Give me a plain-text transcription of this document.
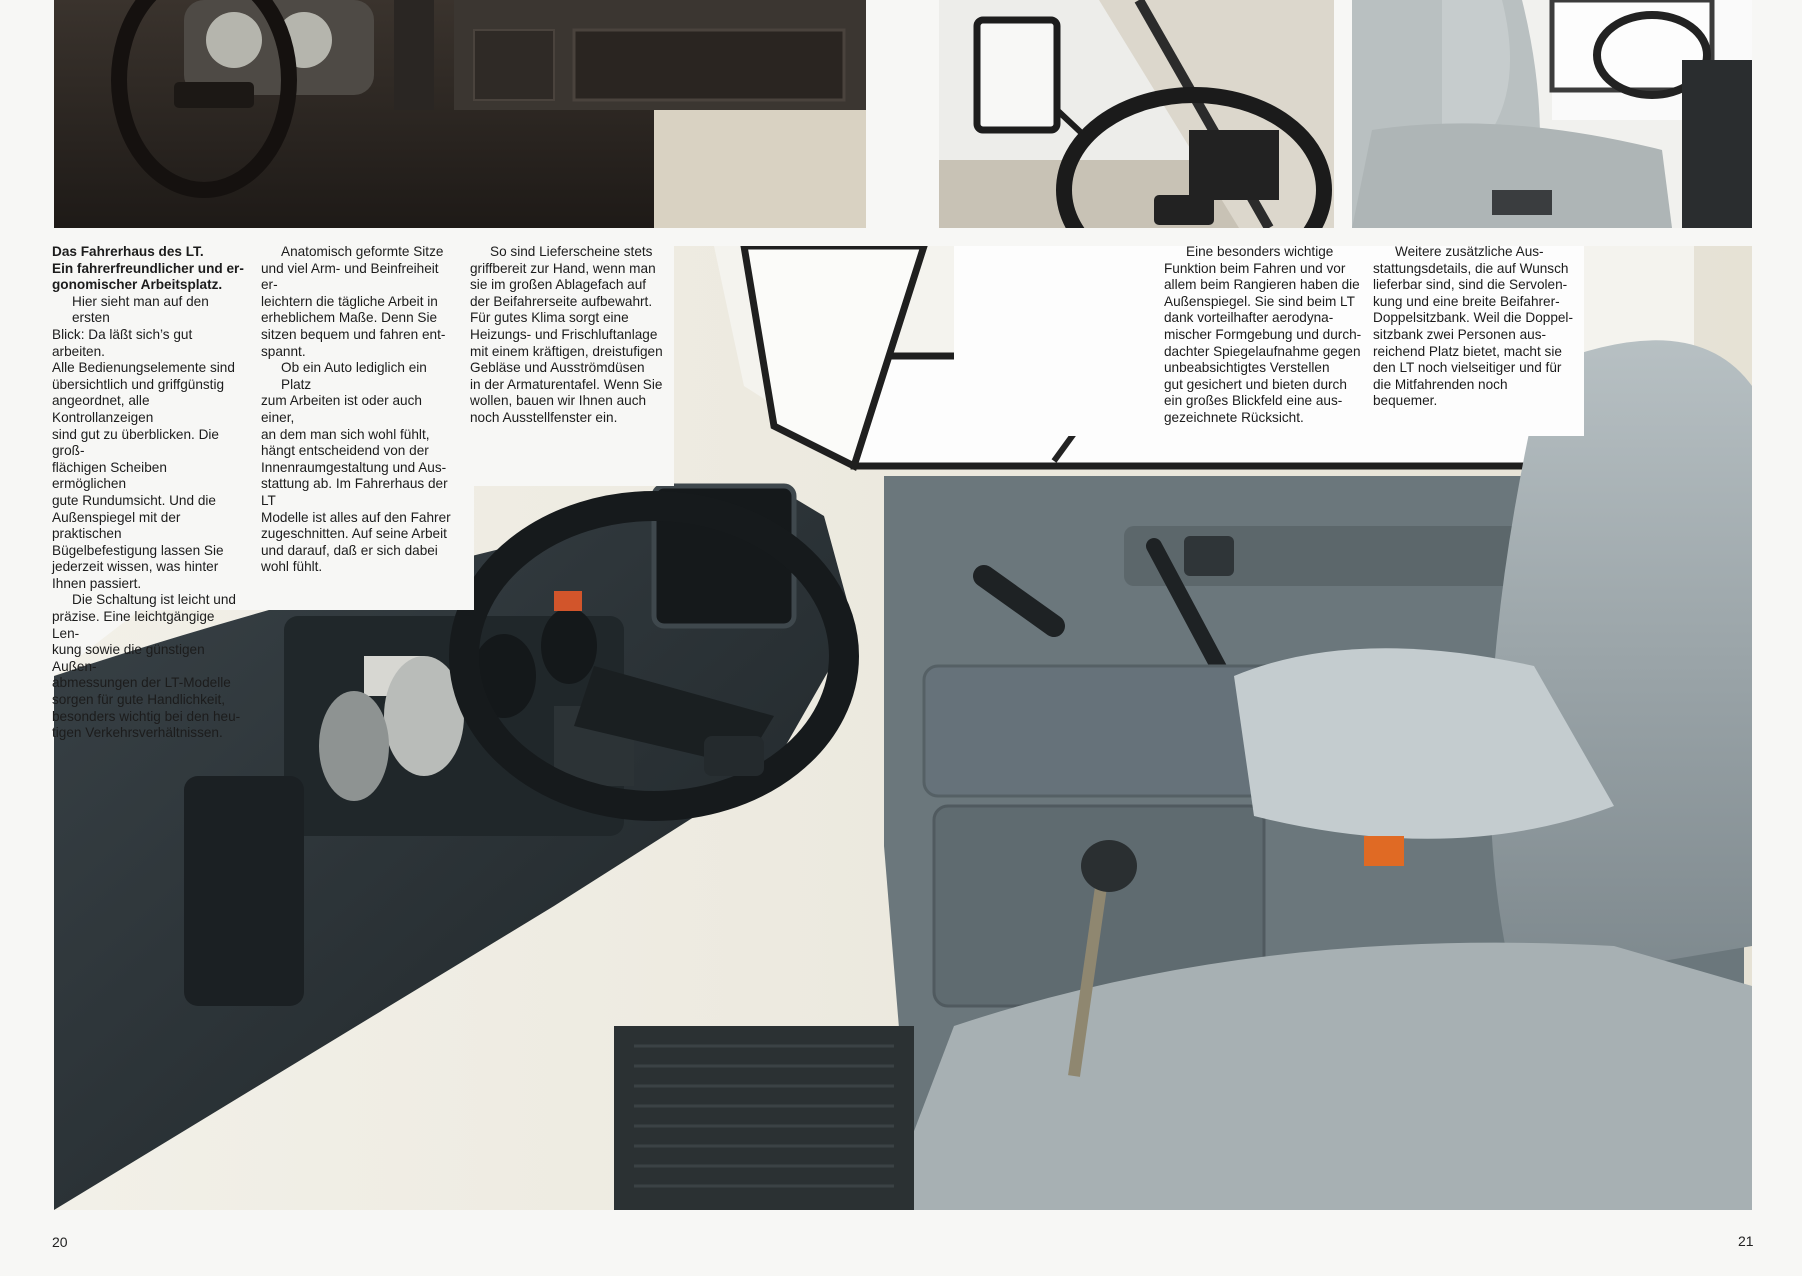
Das Fahrerhaus des LT.
Ein fahrerfreundlicher und er-
gonomischer Arbeitsplatz.
Hier sieht man auf den ersten
Blick: Da läßt sich’s gut arbeiten.
Alle Bedienungselemente sind
übersichtlich und griffgünstig
angeordnet, alle Kontrollanzeigen
sind gut zu überblicken. Die groß-
flächigen Scheiben ermöglichen
gute Rundumsicht. Und die
Außenspiegel mit der praktischen
Bügelbefestigung lassen Sie
jederzeit wissen, was hinter
Ihnen passiert.
Die Schaltung ist leicht und
präzise. Eine leichtgängige Len-
kung sowie die günstigen Außen-
abmessungen der LT-Modelle
sorgen für gute Handlichkeit,
besonders wichtig bei den heu-
tigen Verkehrsverhältnissen.
Anatomisch geformte Sitze
und viel Arm- und Beinfreiheit er-
leichtern die tägliche Arbeit in
erheblichem Maße. Denn Sie
sitzen bequem und fahren ent-
spannt.
Ob ein Auto lediglich ein Platz
zum Arbeiten ist oder auch einer,
an dem man sich wohl fühlt,
hängt entscheidend von der
Innenraumgestaltung und Aus-
stattung ab. Im Fahrerhaus der LT
Modelle ist alles auf den Fahrer
zugeschnitten. Auf seine Arbeit
und darauf, daß er sich dabei
wohl fühlt.
So sind Lieferscheine stets
griffbereit zur Hand, wenn man
sie im großen Ablagefach auf
der Beifahrerseite aufbewahrt.
Für gutes Klima sorgt eine
Heizungs- und Frischluftanlage
mit einem kräftigen, dreistufigen
Gebläse und Ausströmdüsen
in der Armaturentafel. Wenn Sie
wollen, bauen wir Ihnen auch
noch Ausstellfenster ein.
Eine besonders wichtige
Funktion beim Fahren und vor
allem beim Rangieren haben die
Außenspiegel. Sie sind beim LT
dank vorteilhafter aerodyna-
mischer Formgebung und durch-
dachter Spiegelaufnahme gegen
unbeabsichtigtes Verstellen
gut gesichert und bieten durch
ein großes Blickfeld eine aus-
gezeichnete Rücksicht.
Weitere zusätzliche Aus-
stattungsdetails, die auf Wunsch
lieferbar sind, sind die Servolen-
kung und eine breite Beifahrer-
Doppelsitzbank. Weil die Doppel-
sitzbank zwei Personen aus-
reichend Platz bietet, macht sie
den LT noch vielseitiger und für
die Mitfahrenden noch bequemer.
20	21
